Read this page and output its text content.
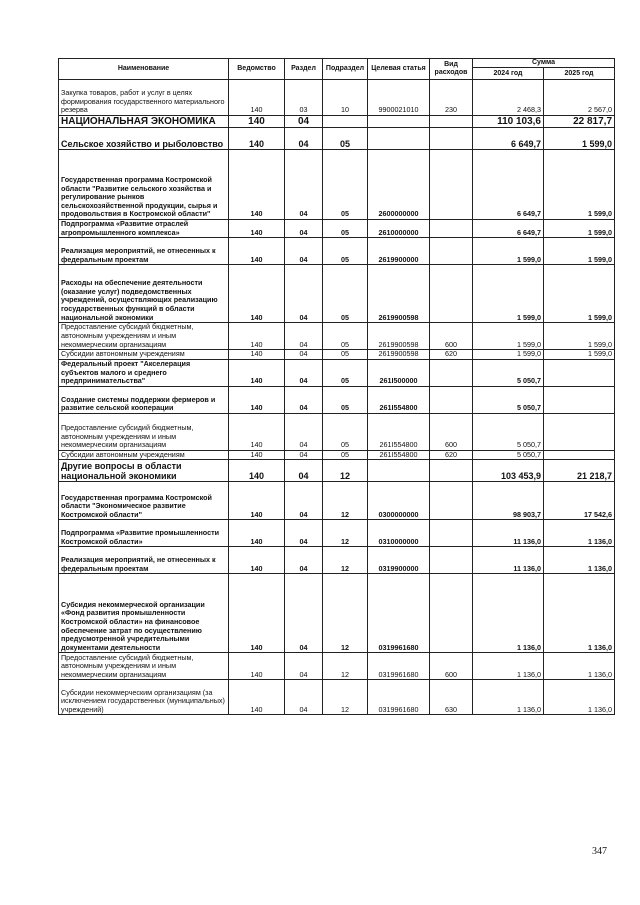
Наименование	Ведомство	Раздел	Подраздел	Целевая статья	Вид расходов	Сумма	
						2024 год	2025 год
Закупка товаров, работ и услуг в целях формирования государственного материального резерва	140	03	10	9900021010	230	2 468,3	2 567,0
НАЦИОНАЛЬНАЯ ЭКОНОМИКА	140	04				110 103,6	22 817,7
Сельское хозяйство и рыболовство	140	04	05			6 649,7	1 599,0
Государственная программа Костромской области "Развитие сельского хозяйства и регулирование рынков сельскохозяйственной продукции, сырья и продовольствия в Костромской области"	140	04	05	2600000000		6 649,7	1 599,0
Подпрограмма «Развитие отраслей агропромышленного комплекса»	140	04	05	2610000000		6 649,7	1 599,0
Реализация мероприятий, не отнесенных к федеральным проектам	140	04	05	2619900000		1 599,0	1 599,0
Расходы на обеспечение деятельности (оказание услуг) подведомственных учреждений, осуществляющих реализацию государственных функций в области национальной экономики	140	04	05	2619900598		1 599,0	1 599,0
Предоставление субсидий бюджетным, автономным учреждениям и иным некоммерческим организациям	140	04	05	2619900598	600	1 599,0	1 599,0
Субсидии автономным учреждениям	140	04	05	2619900598	620	1 599,0	1 599,0
Федеральный проект "Акселерация субъектов малого и среднего предпринимательства"	140	04	05	261I500000		5 050,7	
Создание системы поддержки фермеров и развитие сельской кооперации	140	04	05	261I554800		5 050,7	
Предоставление субсидий бюджетным, автономным учреждениям и иным некоммерческим организациям	140	04	05	261I554800	600	5 050,7	
Субсидии автономным учреждениям	140	04	05	261I554800	620	5 050,7	
Другие вопросы в области национальной экономики	140	04	12			103 453,9	21 218,7
Государственная программа Костромской области "Экономическое развитие Костромской области"	140	04	12	0300000000		98 903,7	17 542,6
Подпрограмма «Развитие промышленности Костромской области»	140	04	12	0310000000		11 136,0	1 136,0
Реализация мероприятий, не отнесенных к федеральным проектам	140	04	12	0319900000		11 136,0	1 136,0
Субсидия некоммерческой организации «Фонд развития промышленности Костромской области» на финансовое обеспечение затрат по осуществлению предусмотренной учредительными документами деятельности	140	04	12	0319961680		1 136,0	1 136,0
Предоставление субсидий бюджетным, автономным учреждениям и иным некоммерческим организациям	140	04	12	0319961680	600	1 136,0	1 136,0
Субсидии некоммерческим организациям (за исключением государственных (муниципальных) учреждений)	140	04	12	0319961680	630	1 136,0	1 136,0
347
